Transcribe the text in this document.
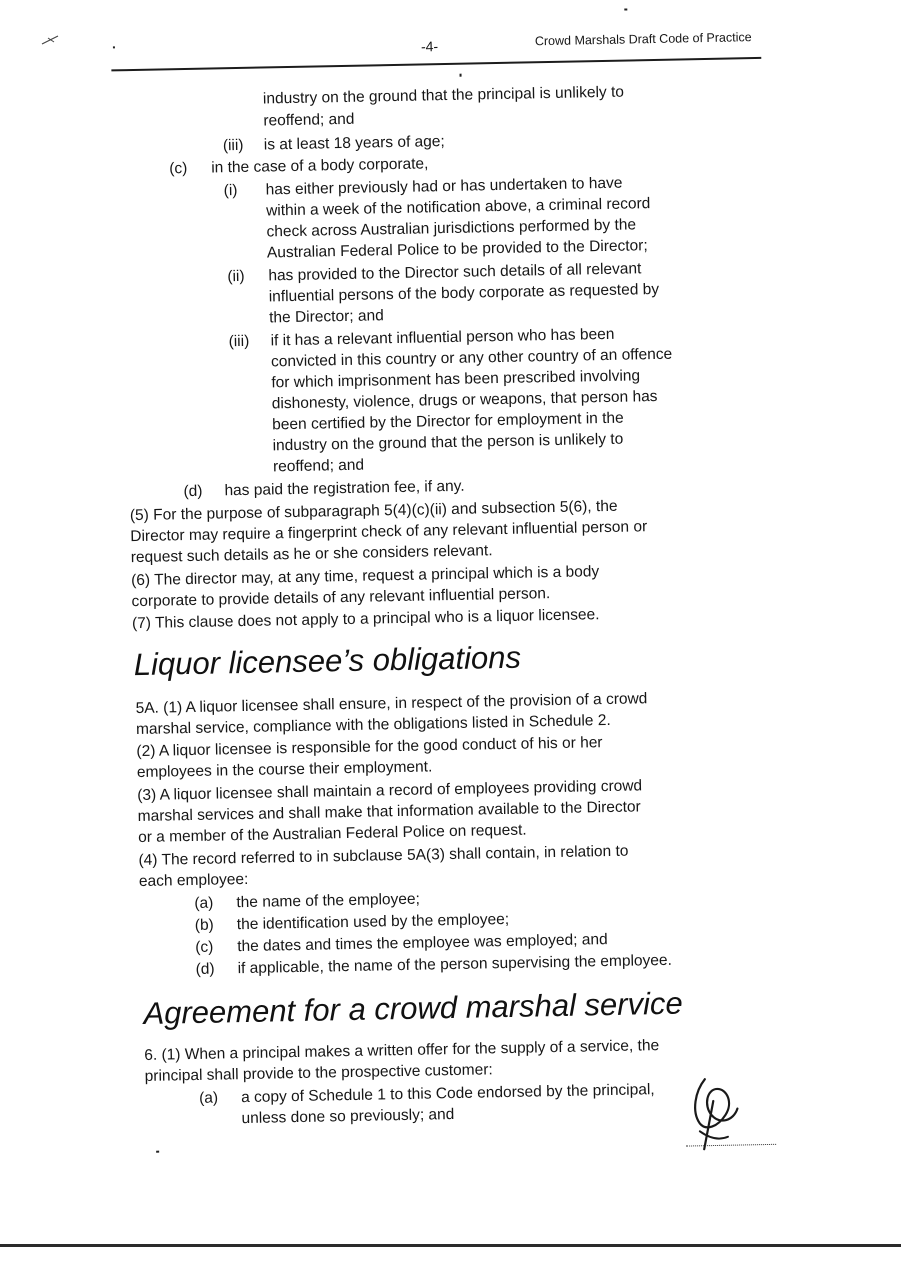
-4-	Crowd Marshals Draft Code of Practice
industry on the ground that the principal is unlikely to
reoffend; and
(iii) is at least 18 years of age;
(c) in the case of a body corporate,
(i) has either previously had or has undertaken to have
within a week of the notification above, a criminal record
check across Australian jurisdictions performed by the
Australian Federal Police to be provided to the Director;
(ii) has provided to the Director such details of all relevant
influential persons of the body corporate as requested by
the Director; and
(iii) if it has a relevant influential person who has been
convicted in this country or any other country of an offence
for which imprisonment has been prescribed involving
dishonesty, violence, drugs or weapons, that person has
been certified by the Director for employment in the
industry on the ground that the person is unlikely to
reoffend; and
(d) has paid the registration fee, if any.
(5) For the purpose of subparagraph 5(4)(c)(ii) and subsection 5(6), the
Director may require a fingerprint check of any relevant influential person or
request such details as he or she considers relevant.
(6) The director may, at any time, request a principal which is a body
corporate to provide details of any relevant influential person.
(7) This clause does not apply to a principal who is a liquor licensee.
Liquor licensee’s obligations
5A. (1) A liquor licensee shall ensure, in respect of the provision of a crowd
marshal service, compliance with the obligations listed in Schedule 2.
(2) A liquor licensee is responsible for the good conduct of his or her
employees in the course their employment.
(3) A liquor licensee shall maintain a record of employees providing crowd
marshal services and shall make that information available to the Director
or a member of the Australian Federal Police on request.
(4) The record referred to in subclause 5A(3) shall contain, in relation to
each employee:
(a) the name of the employee;
(b) the identification used by the employee;
(c) the dates and times the employee was employed; and
(d) if applicable, the name of the person supervising the employee.
Agreement for a crowd marshal service
6. (1) When a principal makes a written offer for the supply of a service, the
principal shall provide to the prospective customer:
(a) a copy of Schedule 1 to this Code endorsed by the principal,
unless done so previously; and
